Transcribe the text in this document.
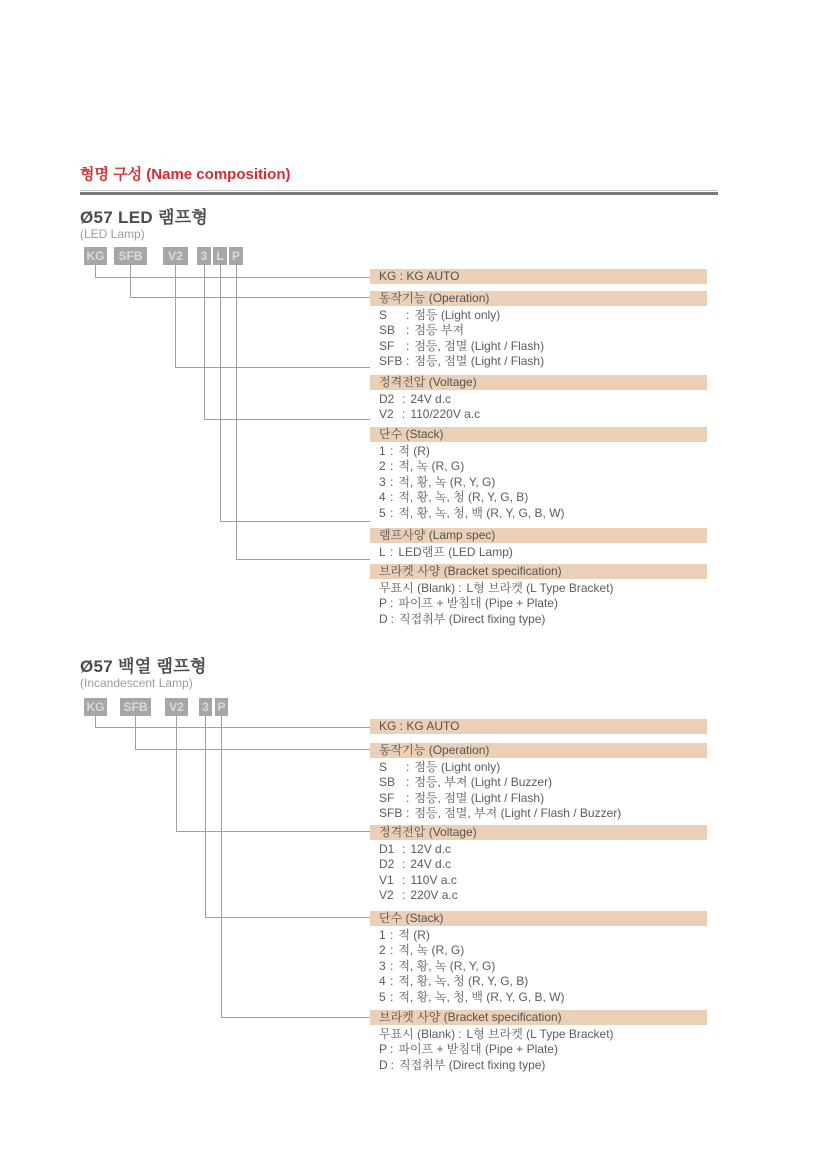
형명 구성 (Name composition)
Ø57 LED 램프형
(LED Lamp)
KG	SFB	V2	3 L P
KG : KG AUTO
동작기능 (Operation)
S : 점등 (Light only)
SB : 점등 부져
SF : 점등, 점멸 (Light / Flash)
SFB : 점등, 점멸 (Light / Flash)
정격전압 (Voltage)
D2 : 24V d.c
V2 : 110/220V a.c
단수 (Stack)
1 : 적 (R)
2 : 적, 녹 (R, G)
3 : 적, 황, 녹 (R, Y, G)
4 : 적, 황, 녹, 청 (R, Y, G, B)
5 : 적, 황, 녹, 청, 백 (R, Y, G, B, W)
램프사양 (Lamp spec)
L : LED램프 (LED Lamp)
브라켓 사양 (Bracket specification)
무표시 (Blank) : L형 브라켓 (L Type Bracket)
P : 파이프 + 받침대 (Pipe + Plate)
D : 직접취부 (Direct fixing type)
Ø57 백열 램프형
(Incandescent Lamp)
KG SFB	V2	3 P
KG : KG AUTO
동작기능 (Operation)
S : 점등 (Light only)
SB : 점등, 부져 (Light / Buzzer)
SF : 점등, 점멸 (Light / Flash)
SFB : 점등, 점멸, 부져 (Light / Flash / Buzzer)
정격전압 (Voltage)
D1 : 12V d.c
D2 : 24V d.c
V1 : 110V a.c
V2 : 220V a.c
단수 (Stack)
1 : 적 (R)
2 : 적, 녹 (R, G)
3 : 적, 황, 녹 (R, Y, G)
4 : 적, 황, 녹, 청 (R, Y, G, B)
5 : 적, 황, 녹, 청, 백 (R, Y, G, B, W)
브라켓 사양 (Bracket specification)
무표시 (Blank) : L형 브라켓 (L Type Bracket)
P : 파이프 + 받침대 (Pipe + Plate)
D : 직접취부 (Direct fixing type)
